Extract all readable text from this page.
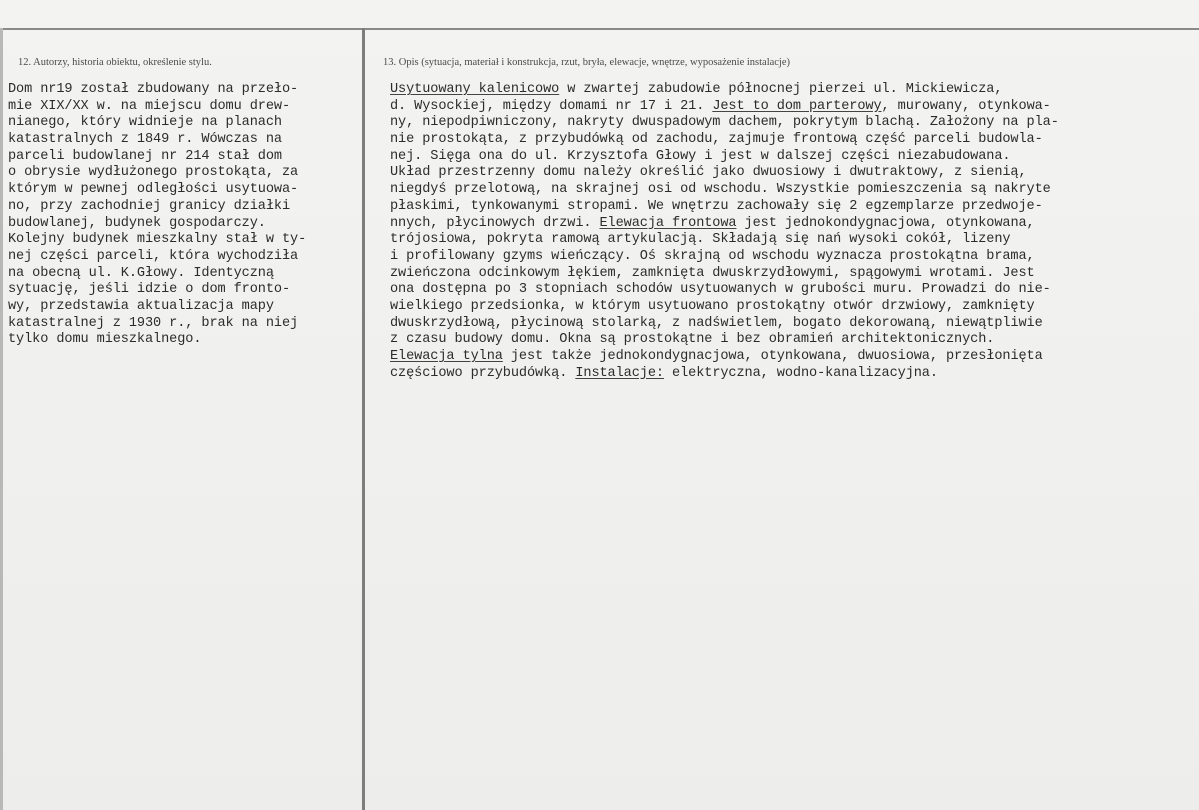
12. Autorzy, historia obiektu, określenie stylu.	13. Opis (sytuacja, materiał i konstrukcja, rzut, bryła, elewacje, wnętrze, wyposażenie instalacje)
Dom nr19 został zbudowany na przeło-
mie XIX/XX w. na miejscu domu drew-
nianego, który widnieje na planach
katastralnych z 1849 r. Wówczas na
parceli budowlanej nr 214 stał dom
o obrysie wydłużonego prostokąta, za
którym w pewnej odległości usytuowa-
no, przy zachodniej granicy działki
budowlanej, budynek gospodarczy.
Kolejny budynek mieszkalny stał w ty-
nej części parceli, która wychodziła
na obecną ul. K.Głowy. Identyczną
sytuację, jeśli idzie o dom fronto-
wy, przedstawia aktualizacja mapy
katastralnej z 1930 r., brak na niej
tylko domu mieszkalnego.
Usytuowany kalenicowo w zwartej zabudowie północnej pierzei ul. Mickiewicza,
d. Wysockiej, między domami nr 17 i 21. Jest to dom parterowy, murowany, otynkowa-
ny, niepodpiwniczony, nakryty dwuspadowym dachem, pokrytym blachą. Założony na pla-
nie prostokąta, z przybudówką od zachodu, zajmuje frontową część parceli budowla-
nej. Sięga ona do ul. Krzysztofa Głowy i jest w dalszej części niezabudowana.
Układ przestrzenny domu należy określić jako dwuosiowy i dwutraktowy, z sienią,
niegdyś przelotową, na skrajnej osi od wschodu. Wszystkie pomieszczenia są nakryte
płaskimi, tynkowanymi stropami. We wnętrzu zachowały się 2 egzemplarze przedwoje-
nnych, płycinowych drzwi. Elewacja frontowa jest jednokondygnacjowa, otynkowana,
trójosiowa, pokryta ramową artykulacją. Składają się nań wysoki cokół, lizeny
i profilowany gzyms wieńczący. Oś skrajną od wschodu wyznacza prostokątna brama,
zwieńczona odcinkowym łękiem, zamknięta dwuskrzydłowymi, spągowymi wrotami. Jest
ona dostępna po 3 stopniach schodów usytuowanych w grubości muru. Prowadzi do nie-
wielkiego przedsionka, w którym usytuowano prostokątny otwór drzwiowy, zamknięty
dwuskrzydłową, płycinową stolarką, z nadświetlem, bogato dekorowaną, niewątpliwie
z czasu budowy domu. Okna są prostokątne i bez obramień architektonicznych.
Elewacja tylna jest także jednokondygnacjowa, otynkowana, dwuosiowa, przesłonięta
częściowo przybudówką. Instalacje: elektryczna, wodno-kanalizacyjna.
